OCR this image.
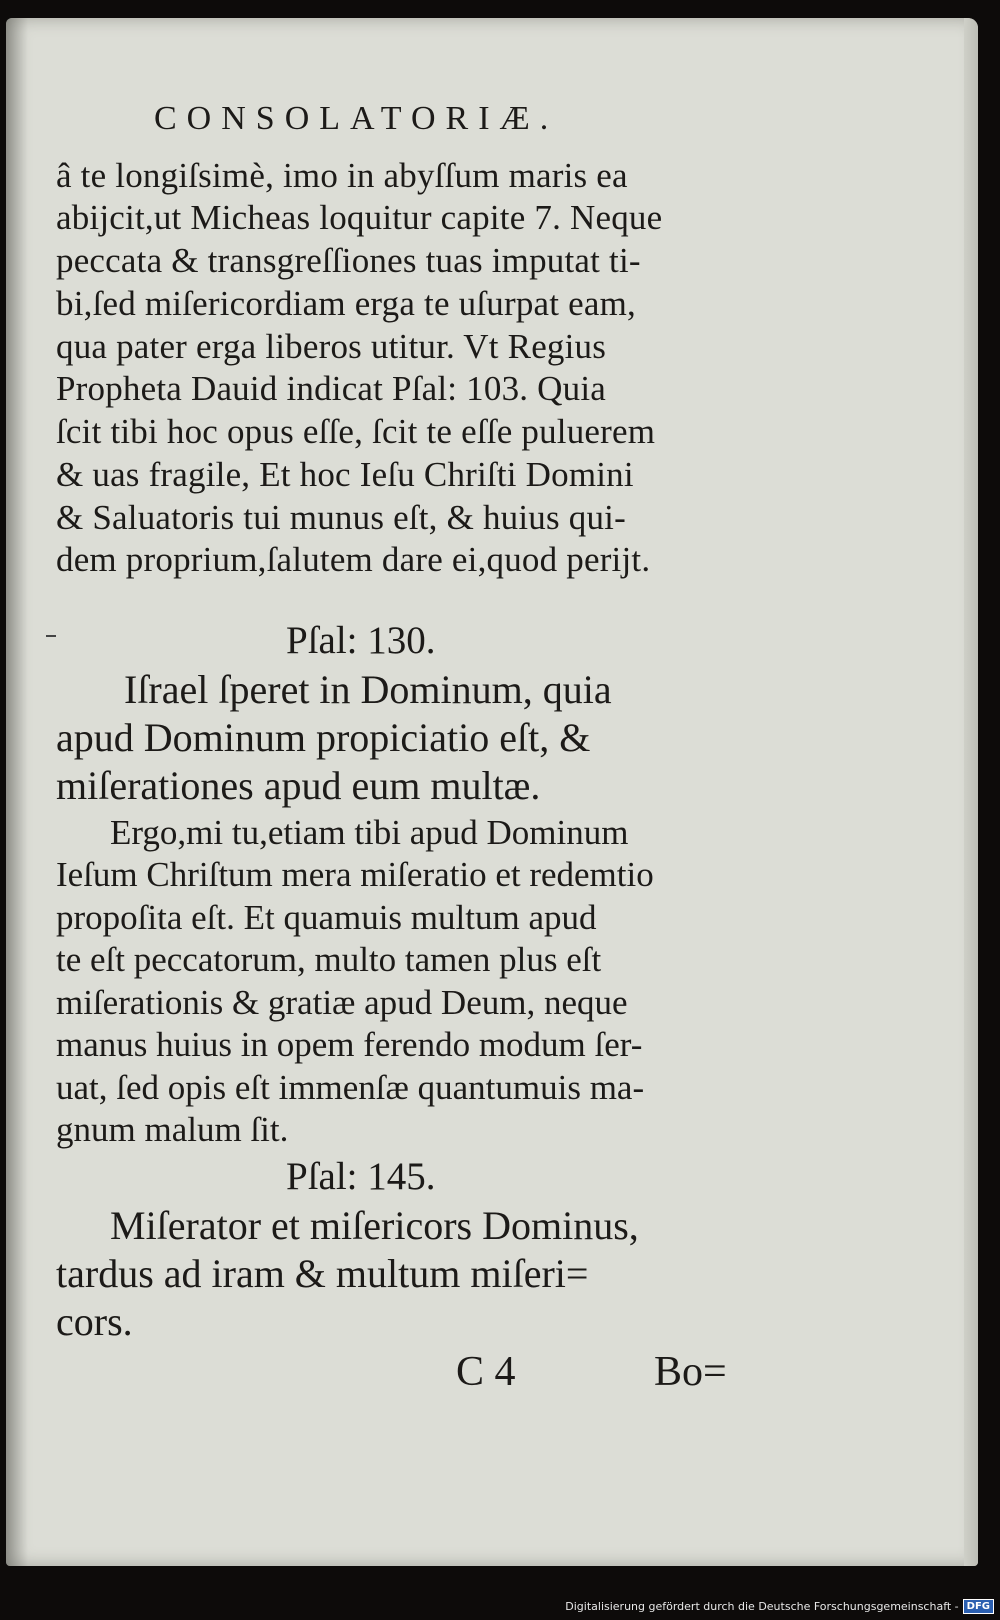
CONSOLATORIÆ.
â te longiſsimè, imo in abyſſum maris ea
abijcit,ut Micheas loquitur capite 7. Neque
peccata & transgreſſiones tuas imputat ti-
bi,ſed miſericordiam erga te uſurpat eam,
qua pater erga liberos utitur. Vt Regius
Propheta Dauid indicat Pſal: 103. Quia
ſcit tibi hoc opus eſſe, ſcit te eſſe puluerem
& uas fragile, Et hoc Ieſu Chriſti Domini
& Saluatoris tui munus eſt, & huius qui-
dem proprium,ſalutem dare ei,quod perijt.
Pſal: 130.
Iſrael ſperet in Dominum, quia
apud Dominum propiciatio eſt, &
miſerationes apud eum multæ.
Ergo,mi tu,etiam tibi apud Dominum
Ieſum Chriſtum mera miſeratio et redemtio
propoſita eſt. Et quamuis multum apud
te eſt peccatorum, multo tamen plus eſt
miſerationis & gratiæ apud Deum, neque
manus huius in opem ferendo modum ſer-
uat, ſed opis eſt immenſæ quantumuis ma-
gnum malum ſit.
Pſal: 145.
Miſerator et miſericors Dominus,
tardus ad iram & multum miſeri=
cors.
C 4	Bo=
Digitalisierung gefördert durch die Deutsche Forschungsgemeinschaft - DFG
